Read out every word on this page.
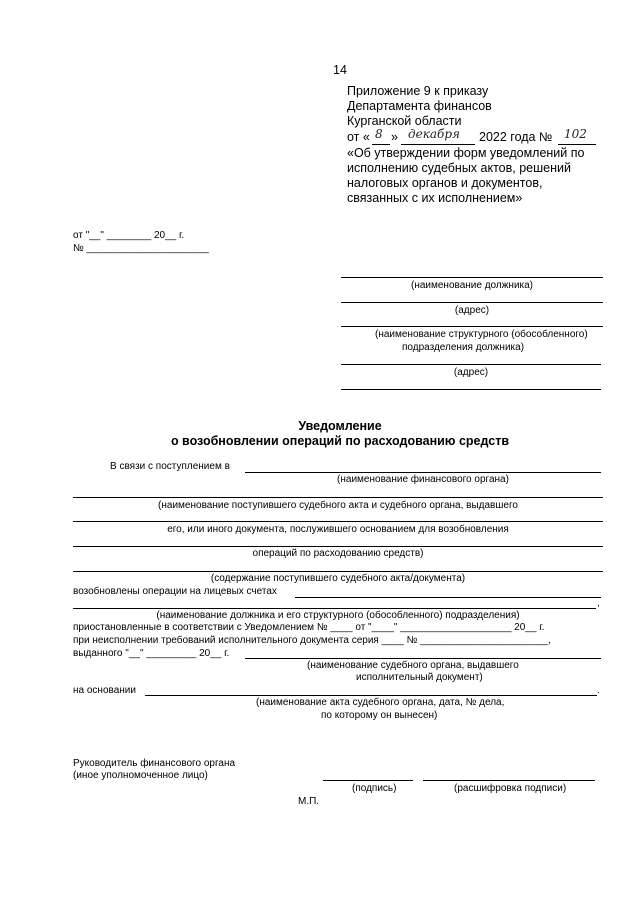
14
Приложение 9 к приказу
Департамента финансов
Курганской области
от « 8 » декабря 2022 года № 102
«Об утверждении форм уведомлений по
исполнению судебных актов, решений
налоговых органов и документов,
связанных с их исполнением»
от "__" ________ 20__ г.
№ ______________________
(наименование должника)
(адрес)
(наименование структурного (обособленного)
подразделения должника)
(адрес)
Уведомление
о возобновлении операций по расходованию средств
В связи с поступлением в
(наименование финансового органа)
(наименование поступившего судебного акта и судебного органа, выдавшего
его, или иного документа, послужившего основанием для возобновления
операций по расходованию средств)
(содержание поступившего судебного акта/документа)
возобновлены операции на лицевых счетах
,
(наименование должника и его структурного (обособленного) подразделения)
приостановленные в соответствии с Уведомлением № ____ от "____" ____________________ 20__ г.
при неисполнении требований исполнительного документа серия ____ № _______________________,
выданного "__" _________ 20__ г.
(наименование судебного органа, выдавшего
исполнительный документ)
на основании	.
(наименование акта судебного органа, дата, № дела,
по которому он вынесен)
Руководитель финансового органа
(иное уполномоченное лицо)
(подпись)	(расшифровка подписи)
М.П.
